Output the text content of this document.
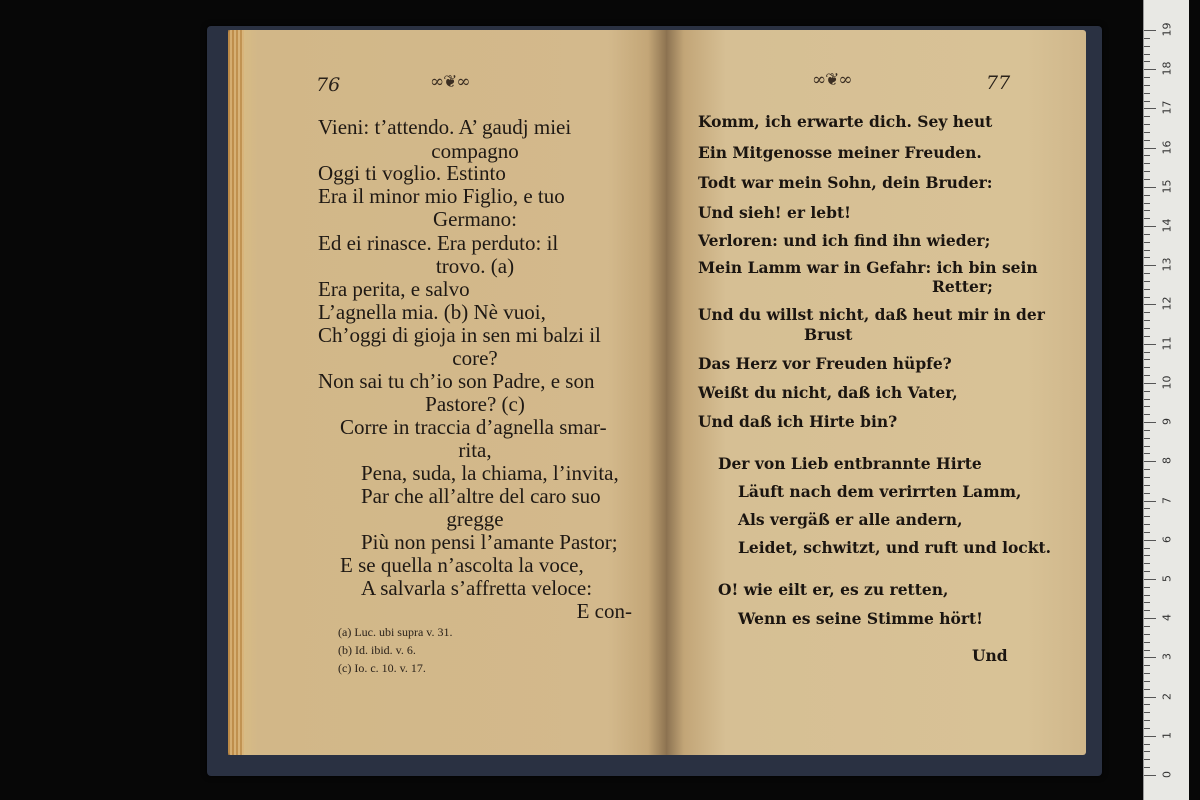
76	∞❦∞
Vieni: t’attendo. A’ gaudj miei
compagno
Oggi ti voglio. Estinto
Era il minor mio Figlio, e tuo
Germano:
Ed ei rinasce. Era perduto: il
trovo. (a)
Era perita, e salvo
L’agnella mia. (b) Nè vuoi,
Ch’oggi di gioja in sen mi balzi il
core?
Non sai tu ch’io son Padre, e son
Pastore? (c)
Corre in traccia d’agnella smar-
rita,
Pena, suda, la chiama, l’invita,
Par che all’altre del caro suo
gregge
Più non pensi l’amante Pastor;
E se quella n’ascolta la voce,
A salvarla s’affretta veloce:
E con-
(a) Luc. ubi supra v. 31.
(b) Id. ibid. v. 6.
(c) Io. c. 10. v. 17.
∞❦∞	77
Komm, ich erwarte dich. Sey heut
Ein Mitgenosse meiner Freuden.
Todt war mein Sohn, dein Bruder:
Und sieh! er lebt!
Verloren: und ich find ihn wieder;
Mein Lamm war in Gefahr: ich bin sein
Retter;
Und du willst nicht, daß heut mir in der
Brust
Das Herz vor Freuden hüpfe?
Weißt du nicht, daß ich Vater,
Und daß ich Hirte bin?
Der von Lieb entbrannte Hirte
Läuft nach dem verirrten Lamm,
Als vergäß er alle andern,
Leidet, schwitzt, und ruft und lockt.
O! wie eilt er, es zu retten,
Wenn es seine Stimme hört!
Und
19
18
17
16
15
14
13
12
11
10
9
8
7
6
5
4
3
2
1
0
